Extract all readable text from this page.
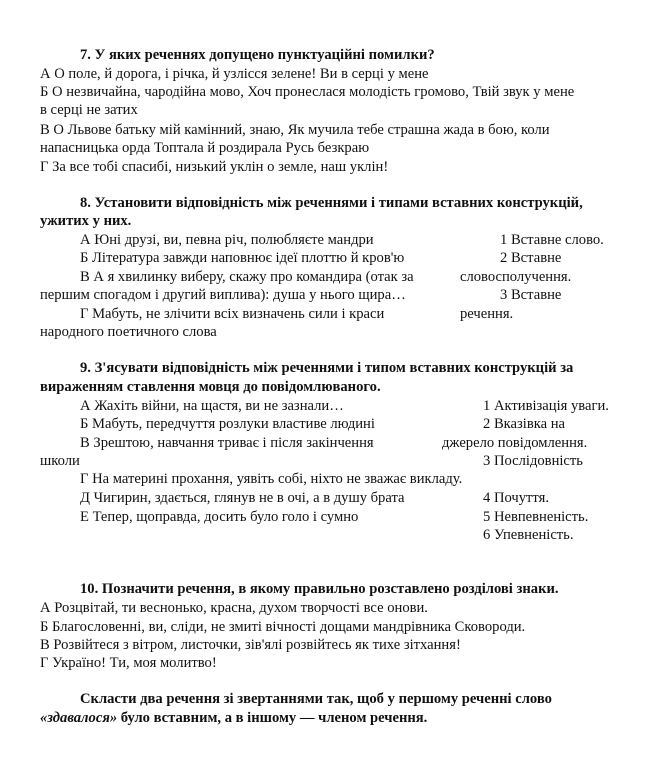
7. У яких реченнях допущено пунктуаційні помилки?
А О поле, й дорога, і річка, й узлісся зелене! Ви в серці у мене
Б О незвичайна, чародійна мово, Хоч пронеслася молодість громово, Твій звук у мене
в серці не затих
В О Львове батьку мій камінний, знаю, Як мучила тебе страшна жада в бою, коли
напасницька орда Топтала й роздирала Русь безкраю
Г За все тобі спасибі, низький уклін о земле, наш уклін!
8. Установити відповідність між реченнями і типами вставних конструкцій,
ужитих у них.
А Юні друзі, ви, певна річ, полюбляєте мандри
Б Література завжди наповнює ідеї плоттю й кров'ю
В А я хвилинку виберу, скажу про командира (отак за
першим спогадом і другий виплива): душа у нього щира…
Г Мабуть, не злічити всіх визначень сили і краси
народного поетичного слова
1 Вставне слово.
2 Вставне
словосполучення.
3 Вставне
речення.
9. З'ясувати відповідність між реченнями і типом вставних конструкцій за
вираженням ставлення мовця до повідомлюваного.
А Жахіть війни, на щастя, ви не зазнали…
Б Мабуть, передчуття розлуки властиве людині
В Зрештою, навчання триває і після закінчення
школи
Г На материні прохання, уявіть собі, ніхто не зважає викладу.
Д Чигирин, здається, глянув не в очі, а в душу брата
Е Тепер, щоправда, досить було голо і сумно
1 Активізація уваги.
2 Вказівка на
джерело повідомлення.
3 Послідовність
4 Почуття.
5 Невпевненість.
6 Упевненість.
10. Позначити речення, в якому правильно розставлено розділові знаки.
А Розцвітай, ти веснонько, красна, духом творчості все онови.
Б Благословенні, ви, сліди, не змиті вічності дощами мандрівника Сковороди.
В Розвійтеся з вітром, листочки, зів'ялі розвійтесь як тихе зітхання!
Г Україно! Ти, моя молитво!
Скласти два речення зі звертаннями так, щоб у першому реченні слово
«здавалося» було вставним, а в іншому — членом речення.
